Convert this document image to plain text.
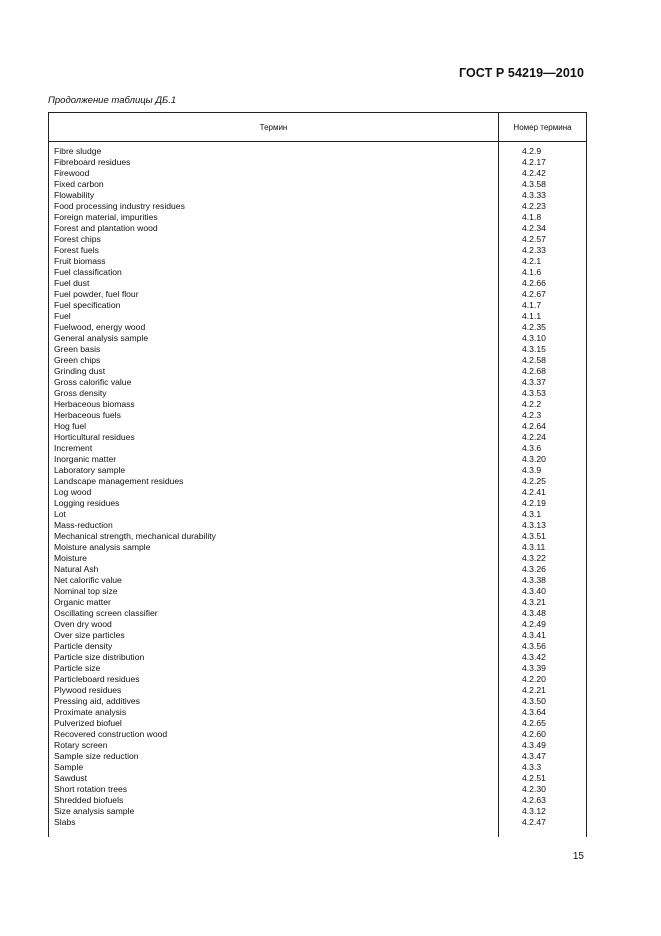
ГОСТ Р 54219—2010
Продолжение таблицы ДБ.1
Термин	Номер термина
Fibre sludge	4.2.9
Fibreboard residues	4.2.17
Firewood	4.2.42
Fixed carbon	4.3.58
Flowability	4.3.33
Food processing industry residues	4.2.23
Foreign material, impurities	4.1.8
Forest and plantation wood	4.2.34
Forest chips	4.2.57
Forest fuels	4.2.33
Fruit biomass	4.2.1
Fuel classification	4.1.6
Fuel dust	4.2.66
Fuel powder, fuel flour	4.2.67
Fuel specification	4.1.7
Fuel	4.1.1
Fuelwood, energy wood	4.2.35
General analysis sample	4.3.10
Green basis	4.3.15
Green chips	4.2.58
Grinding dust	4.2.68
Gross calorific value	4.3.37
Gross density	4.3.53
Herbaceous biomass	4.2.2
Herbaceous fuels	4.2.3
Hog fuel	4.2.64
Horticultural residues	4.2.24
Increment	4.3.6
Inorganic matter	4.3.20
Laboratory sample	4.3.9
Landscape management residues	4.2.25
Log wood	4.2.41
Logging residues	4.2.19
Lot	4.3.1
Mass-reduction	4.3.13
Mechanical strength, mechanical durability	4.3.51
Moisture analysis sample	4.3.11
Moisture	4.3.22
Natural Ash	4.3.26
Net calorific value	4.3.38
Nominal top size	4.3.40
Organic matter	4.3.21
Oscillating screen classifier	4.3.48
Oven dry wood	4.2.49
Over size particles	4.3.41
Particle density	4.3.56
Particle size distribution	4.3.42
Particle size	4.3.39
Particleboard residues	4.2.20
Plywood residues	4.2.21
Pressing aid, additives	4.3.50
Proximate analysis	4.3.64
Pulverized biofuel	4.2.65
Recovered construction wood	4.2.60
Rotary screen	4.3.49
Sample size reduction	4.3.47
Sample	4.3.3
Sawdust	4.2.51
Short rotation trees	4.2.30
Shredded biofuels	4.2.63
Size analysis sample	4.3.12
Slabs	4.2.47
15
